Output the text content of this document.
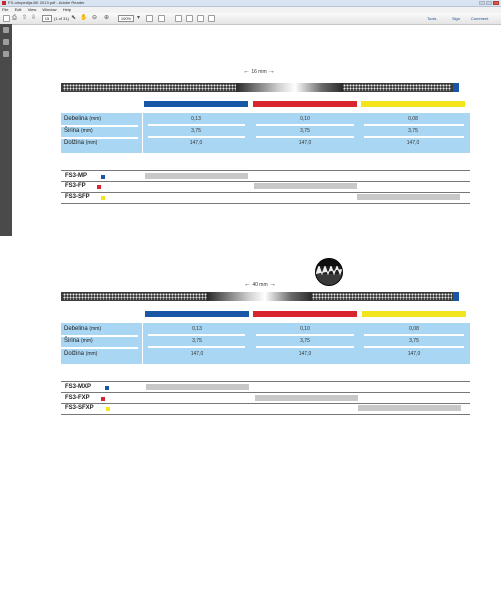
FS-ortopedija-BK 2013.pdf - Adobe Reader
File Edit View Window Help
⎙ ⇧ ⇩	15	(1 of 31) ⬉ ✋ ⊖ ⊕	100% ▾	Tools	Sign	Comment
← 16 mm →
Debelina (mm)	0,13	0,10	0,08
Širina (mm)	3,75	3,75	3,75
Dolžina (mm)	147,0	147,0	147,0
FS3-MP
FS3-FP
FS3-SFP
← 40 mm →
Debelina (mm)	0,13	0,10	0,08
Širina (mm)	3,75	3,75	3,75
Dolžina (mm)	147,0	147,0	147,0
FS3-MXP
FS3-FXP
FS3-SFXP
